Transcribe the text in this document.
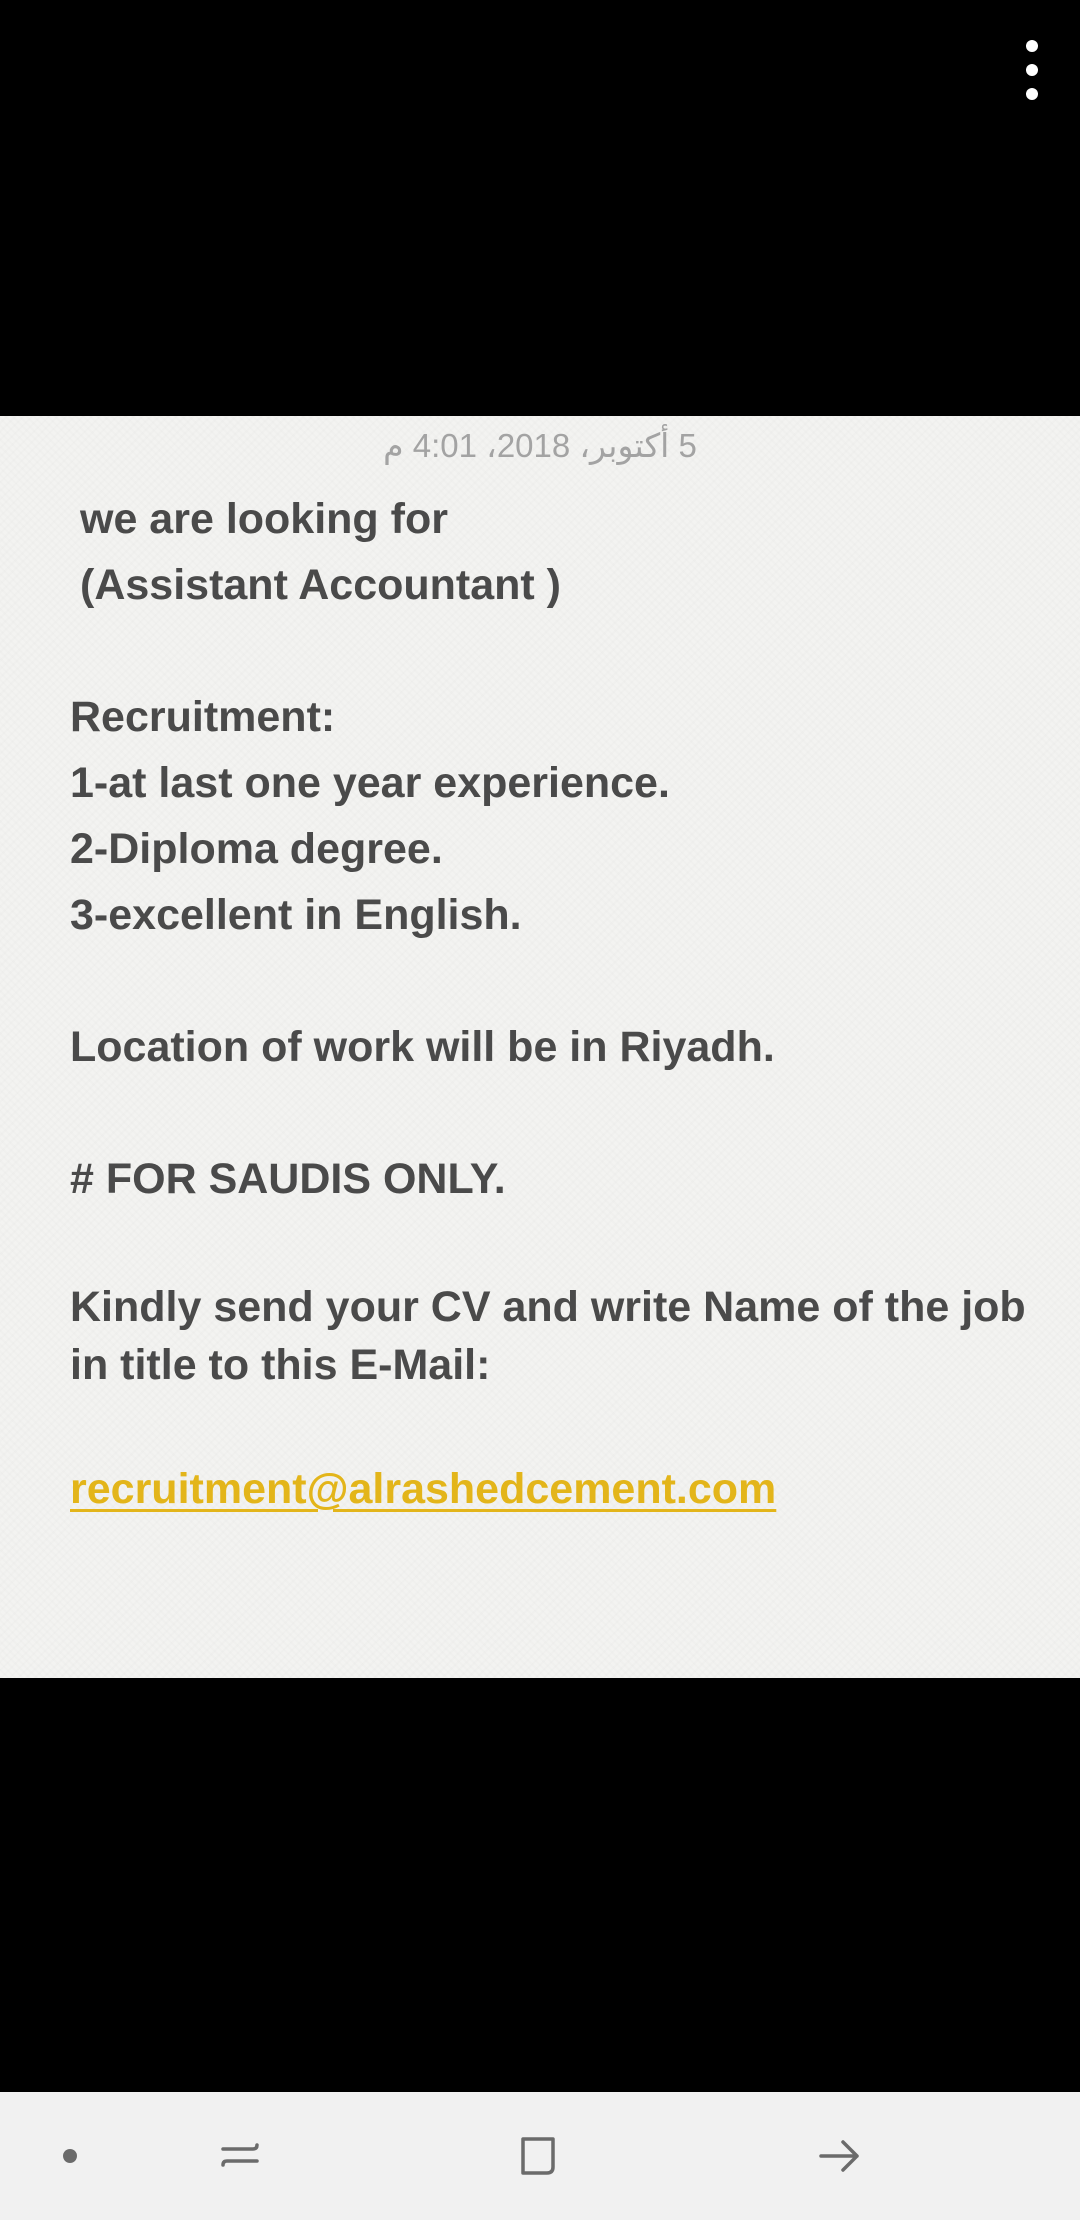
5 أكتوبر، 2018، 4:01 م
we are looking for
(Assistant Accountant )
Recruitment:
1-at last one year experience.
2-Diploma degree.
3-excellent in English.
Location of work will be in Riyadh.
# FOR SAUDIS ONLY.
Kindly send your CV and write Name of the job in title to this E-Mail:
recruitment@alrashedcement.com
